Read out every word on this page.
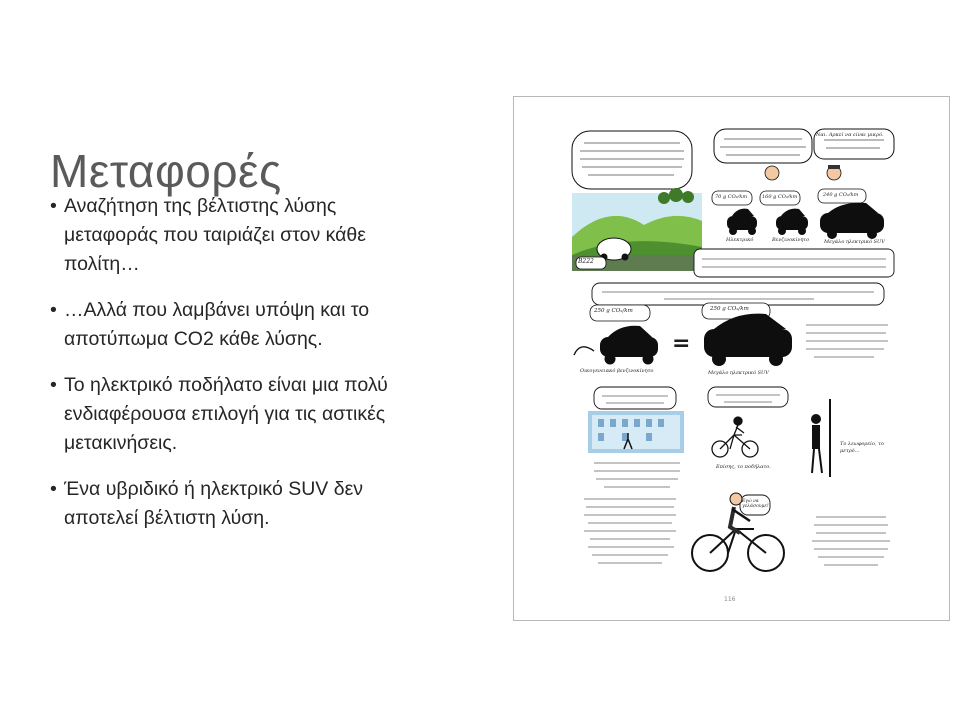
Μεταφορές
• Αναζήτηση της βέλτιστης λύσης μεταφοράς που ταιριάζει στον κάθε πολίτη…
• …Αλλά που λαμβάνει υπόψη και το αποτύπωμα CO2 κάθε λύσης.
• Το ηλεκτρικό ποδήλατο είναι μια πολύ ενδιαφέρουσα επιλογή για τις αστικές μετακινήσεις.
• Ένα υβριδικό ή ηλεκτρικό SUV δεν αποτελεί βέλτιστη λύση.
B222
Ναι. Αρκεί να είναι μικρό.
70 g CO₂/km	160 g CO₂/km	240 g CO₂/km
Ηλεκτρικό	Βενζινοκίνητο	Μεγάλο ηλεκτρικό SUV
250 g CO₂/km	250 g CO₂/km
=
Οικογενειακό βενζινοκίνητο	Μεγάλο ηλεκτρικό SUV
Επίσης, το ποδήλατο.
Το λεωφορείο, το μετρό…
Εγώ να γελάσουμε!
116
